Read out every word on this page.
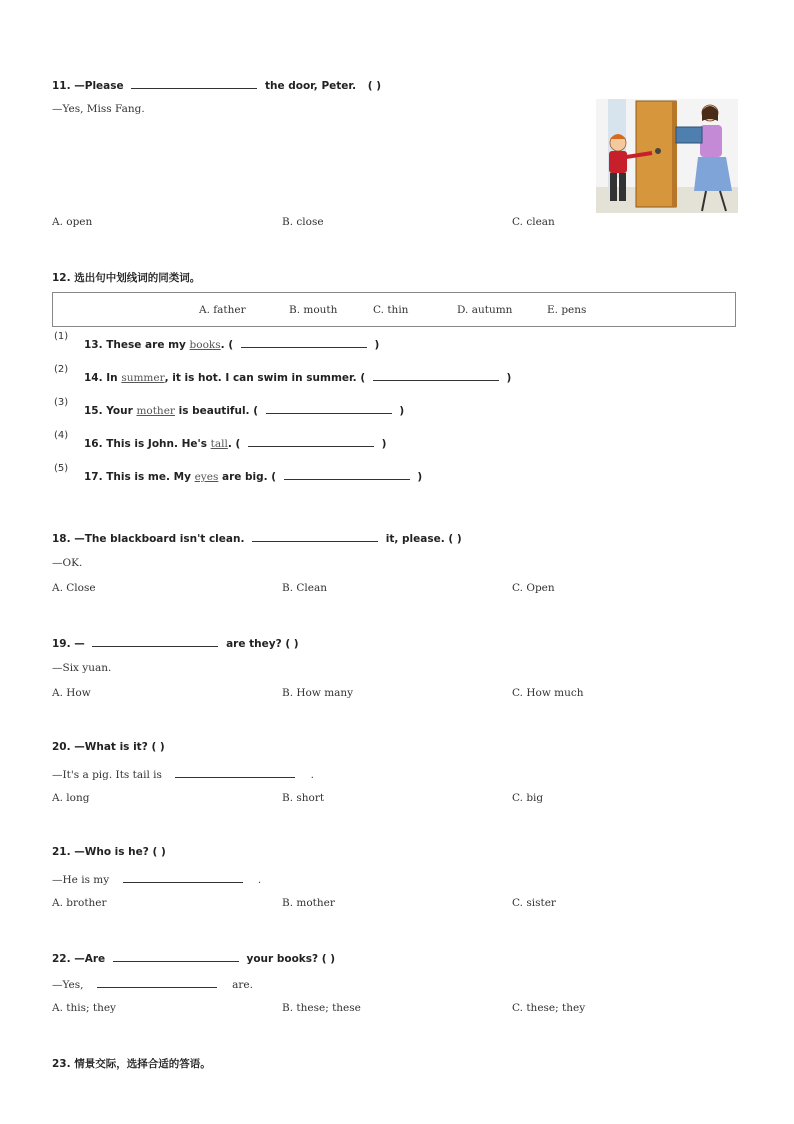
11. —Please	the door, Peter. ( )
—Yes, Miss Fang.
A. open	B. close	C. clean
12. 选出句中划线词的同类词。
A. father	B. mouth	C. thin	D. autumn	E. pens
(1)
13. These are my books. (	)
(2)
14. In summer, it is hot. I can swim in summer. (	)
(3)
15. Your mother is beautiful. (	)
(4)
16. This is John. He's tall. (	)
(5)
17. This is me. My eyes are big. (	)
18. —The blackboard isn't clean.	it, please. ( )
—OK.
A. Close	B. Clean	C. Open
19. —	are they? ( )
—Six yuan.
A. How	B. How many	C. How much
20. —What is it? ( )
—It's a pig. Its tail is	.
A. long	B. short	C. big
21. —Who is he? ( )
—He is my	.
A. brother	B. mother	C. sister
22. —Are	your books? ( )
—Yes,	are.
A. this; they	B. these; these	C. these; they
23. 情景交际，选择合适的答语。
